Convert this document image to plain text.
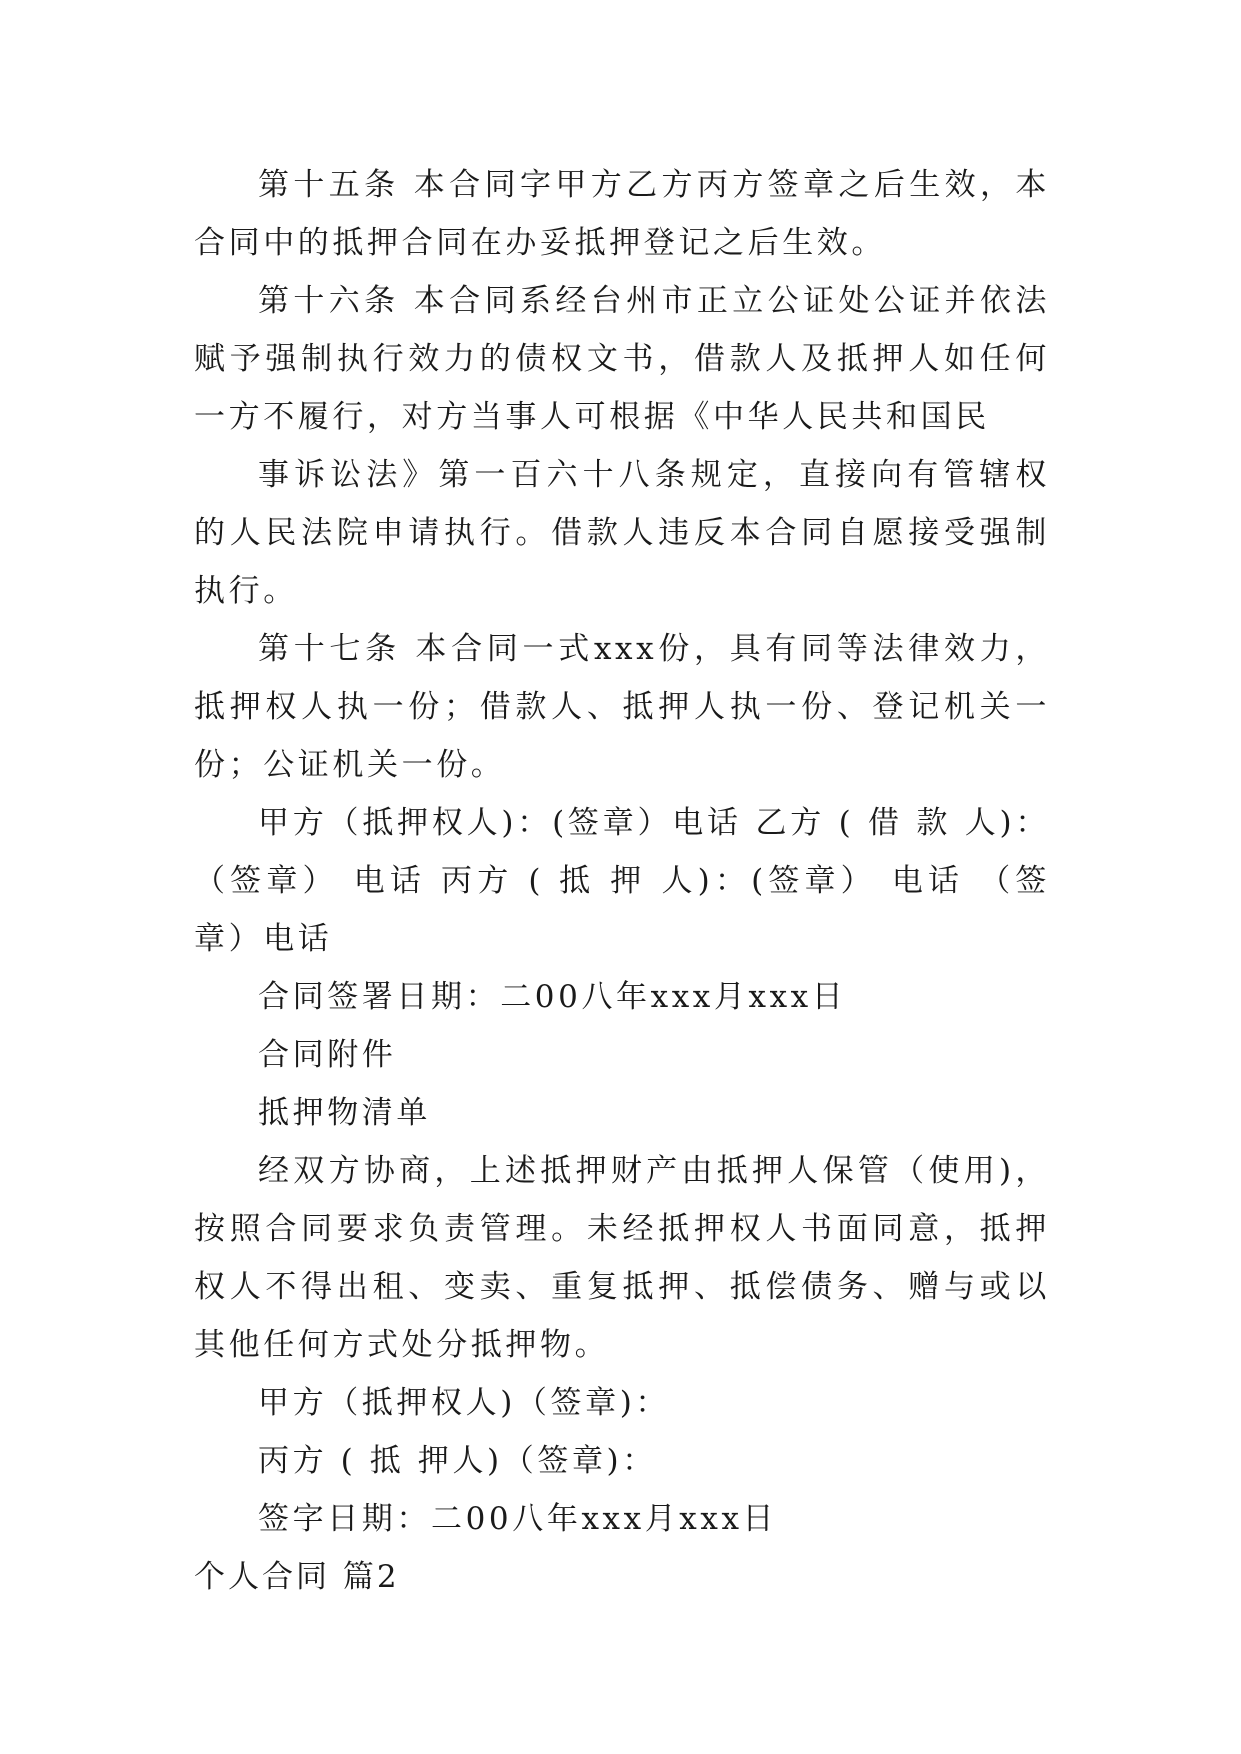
第十五条 本合同字甲方乙方丙方签章之后生效，本合同中的抵押合同在办妥抵押登记之后生效。

第十六条 本合同系经台州市正立公证处公证并依法赋予强制执行效力的债权文书，借款人及抵押人如任何一方不履行，对方当事人可根据《中华人民共和国民

事诉讼法》第一百六十八条规定，直接向有管辖权的人民法院申请执行。借款人违反本合同自愿接受强制执行。

第十七条 本合同一式xxx份，具有同等法律效力，抵押权人执一份；借款人、抵押人执一份、登记机关一份；公证机关一份。

甲方（抵押权人)：(签章）电话 乙方 ( 借 款 人)：（签章） 电话 丙方 ( 抵 押 人)：(签章） 电话 （签章）电话

合同签署日期：二00八年xxx月xxx日

合同附件

抵押物清单

经双方协商，上述抵押财产由抵押人保管（使用)，按照合同要求负责管理。未经抵押权人书面同意，抵押权人不得出租、变卖、重复抵押、抵偿债务、赠与或以其他任何方式处分抵押物。

甲方（抵押权人)（签章)：

丙方 ( 抵 押人)（签章)：

签字日期：二00八年xxx月xxx日

个人合同 篇2
